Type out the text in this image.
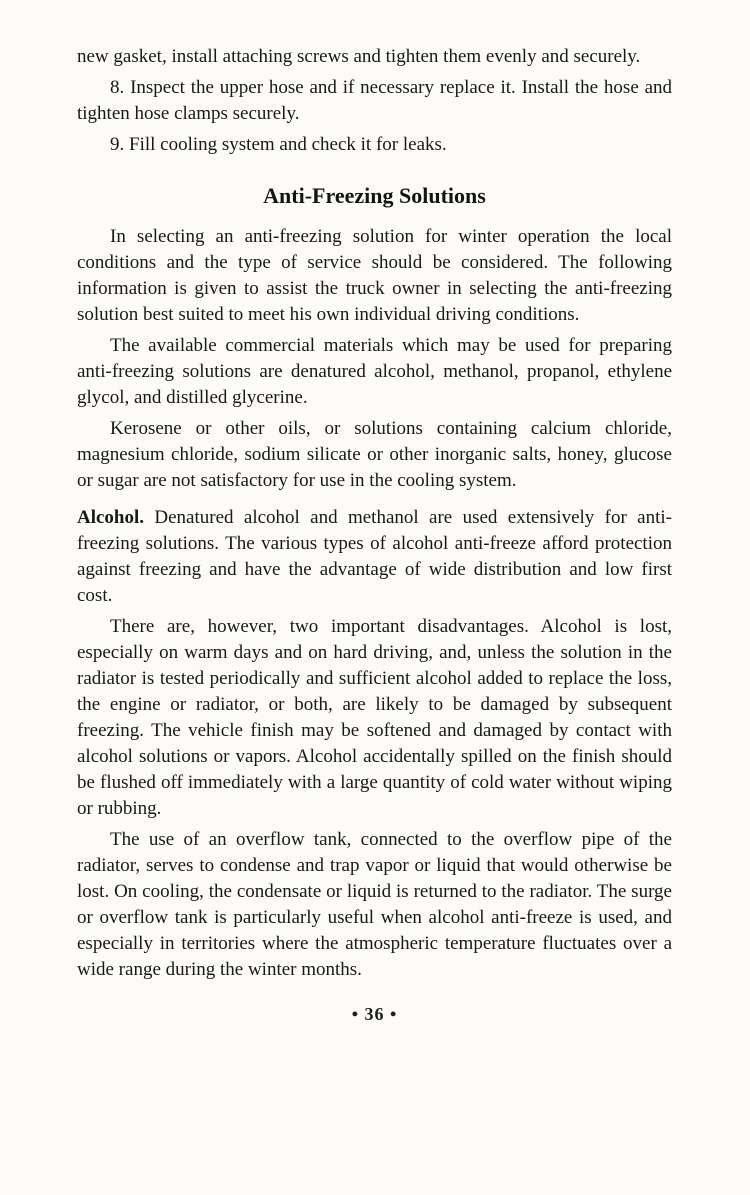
new gasket, install attaching screws and tighten them evenly and securely.

8. Inspect the upper hose and if necessary replace it. Install the hose and tighten hose clamps securely.

9. Fill cooling system and check it for leaks.

Anti-Freezing Solutions

In selecting an anti-freezing solution for winter operation the local conditions and the type of service should be considered. The following information is given to assist the truck owner in selecting the anti-freezing solution best suited to meet his own individual driving conditions.

The available commercial materials which may be used for preparing anti-freezing solutions are denatured alcohol, methanol, propanol, ethylene glycol, and distilled glycerine.

Kerosene or other oils, or solutions containing calcium chloride, magnesium chloride, sodium silicate or other inorganic salts, honey, glucose or sugar are not satisfactory for use in the cooling system.

Alcohol. Denatured alcohol and methanol are used extensively for anti-freezing solutions. The various types of alcohol anti-freeze afford protection against freezing and have the advantage of wide distribution and low first cost.

There are, however, two important disadvantages. Alcohol is lost, especially on warm days and on hard driving, and, unless the solution in the radiator is tested periodically and sufficient alcohol added to replace the loss, the engine or radiator, or both, are likely to be damaged by subsequent freezing. The vehicle finish may be softened and damaged by contact with alcohol solutions or vapors. Alcohol accidentally spilled on the finish should be flushed off immediately with a large quantity of cold water without wiping or rubbing.

The use of an overflow tank, connected to the overflow pipe of the radiator, serves to condense and trap vapor or liquid that would otherwise be lost. On cooling, the condensate or liquid is returned to the radiator. The surge or overflow tank is particularly useful when alcohol anti-freeze is used, and especially in territories where the atmospheric temperature fluctuates over a wide range during the winter months.

• 36 •
